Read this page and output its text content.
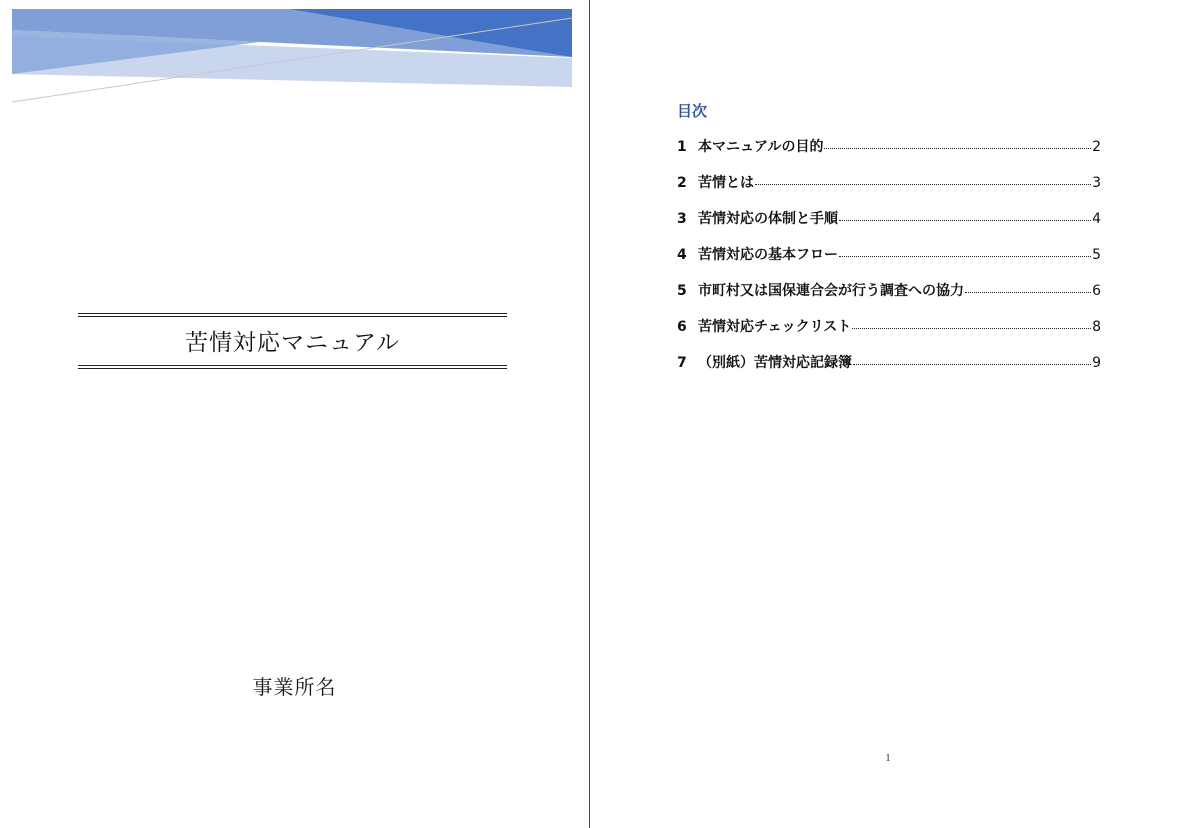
苦情対応マニュアル
事業所名
目次
1 本マニュアルの目的	2
2 苦情とは	3
3 苦情対応の体制と手順	4
4 苦情対応の基本フロー	5
5 市町村又は国保連合会が行う調査への協力	6
6 苦情対応チェックリスト	8
7 （別紙）苦情対応記録簿	9
1
